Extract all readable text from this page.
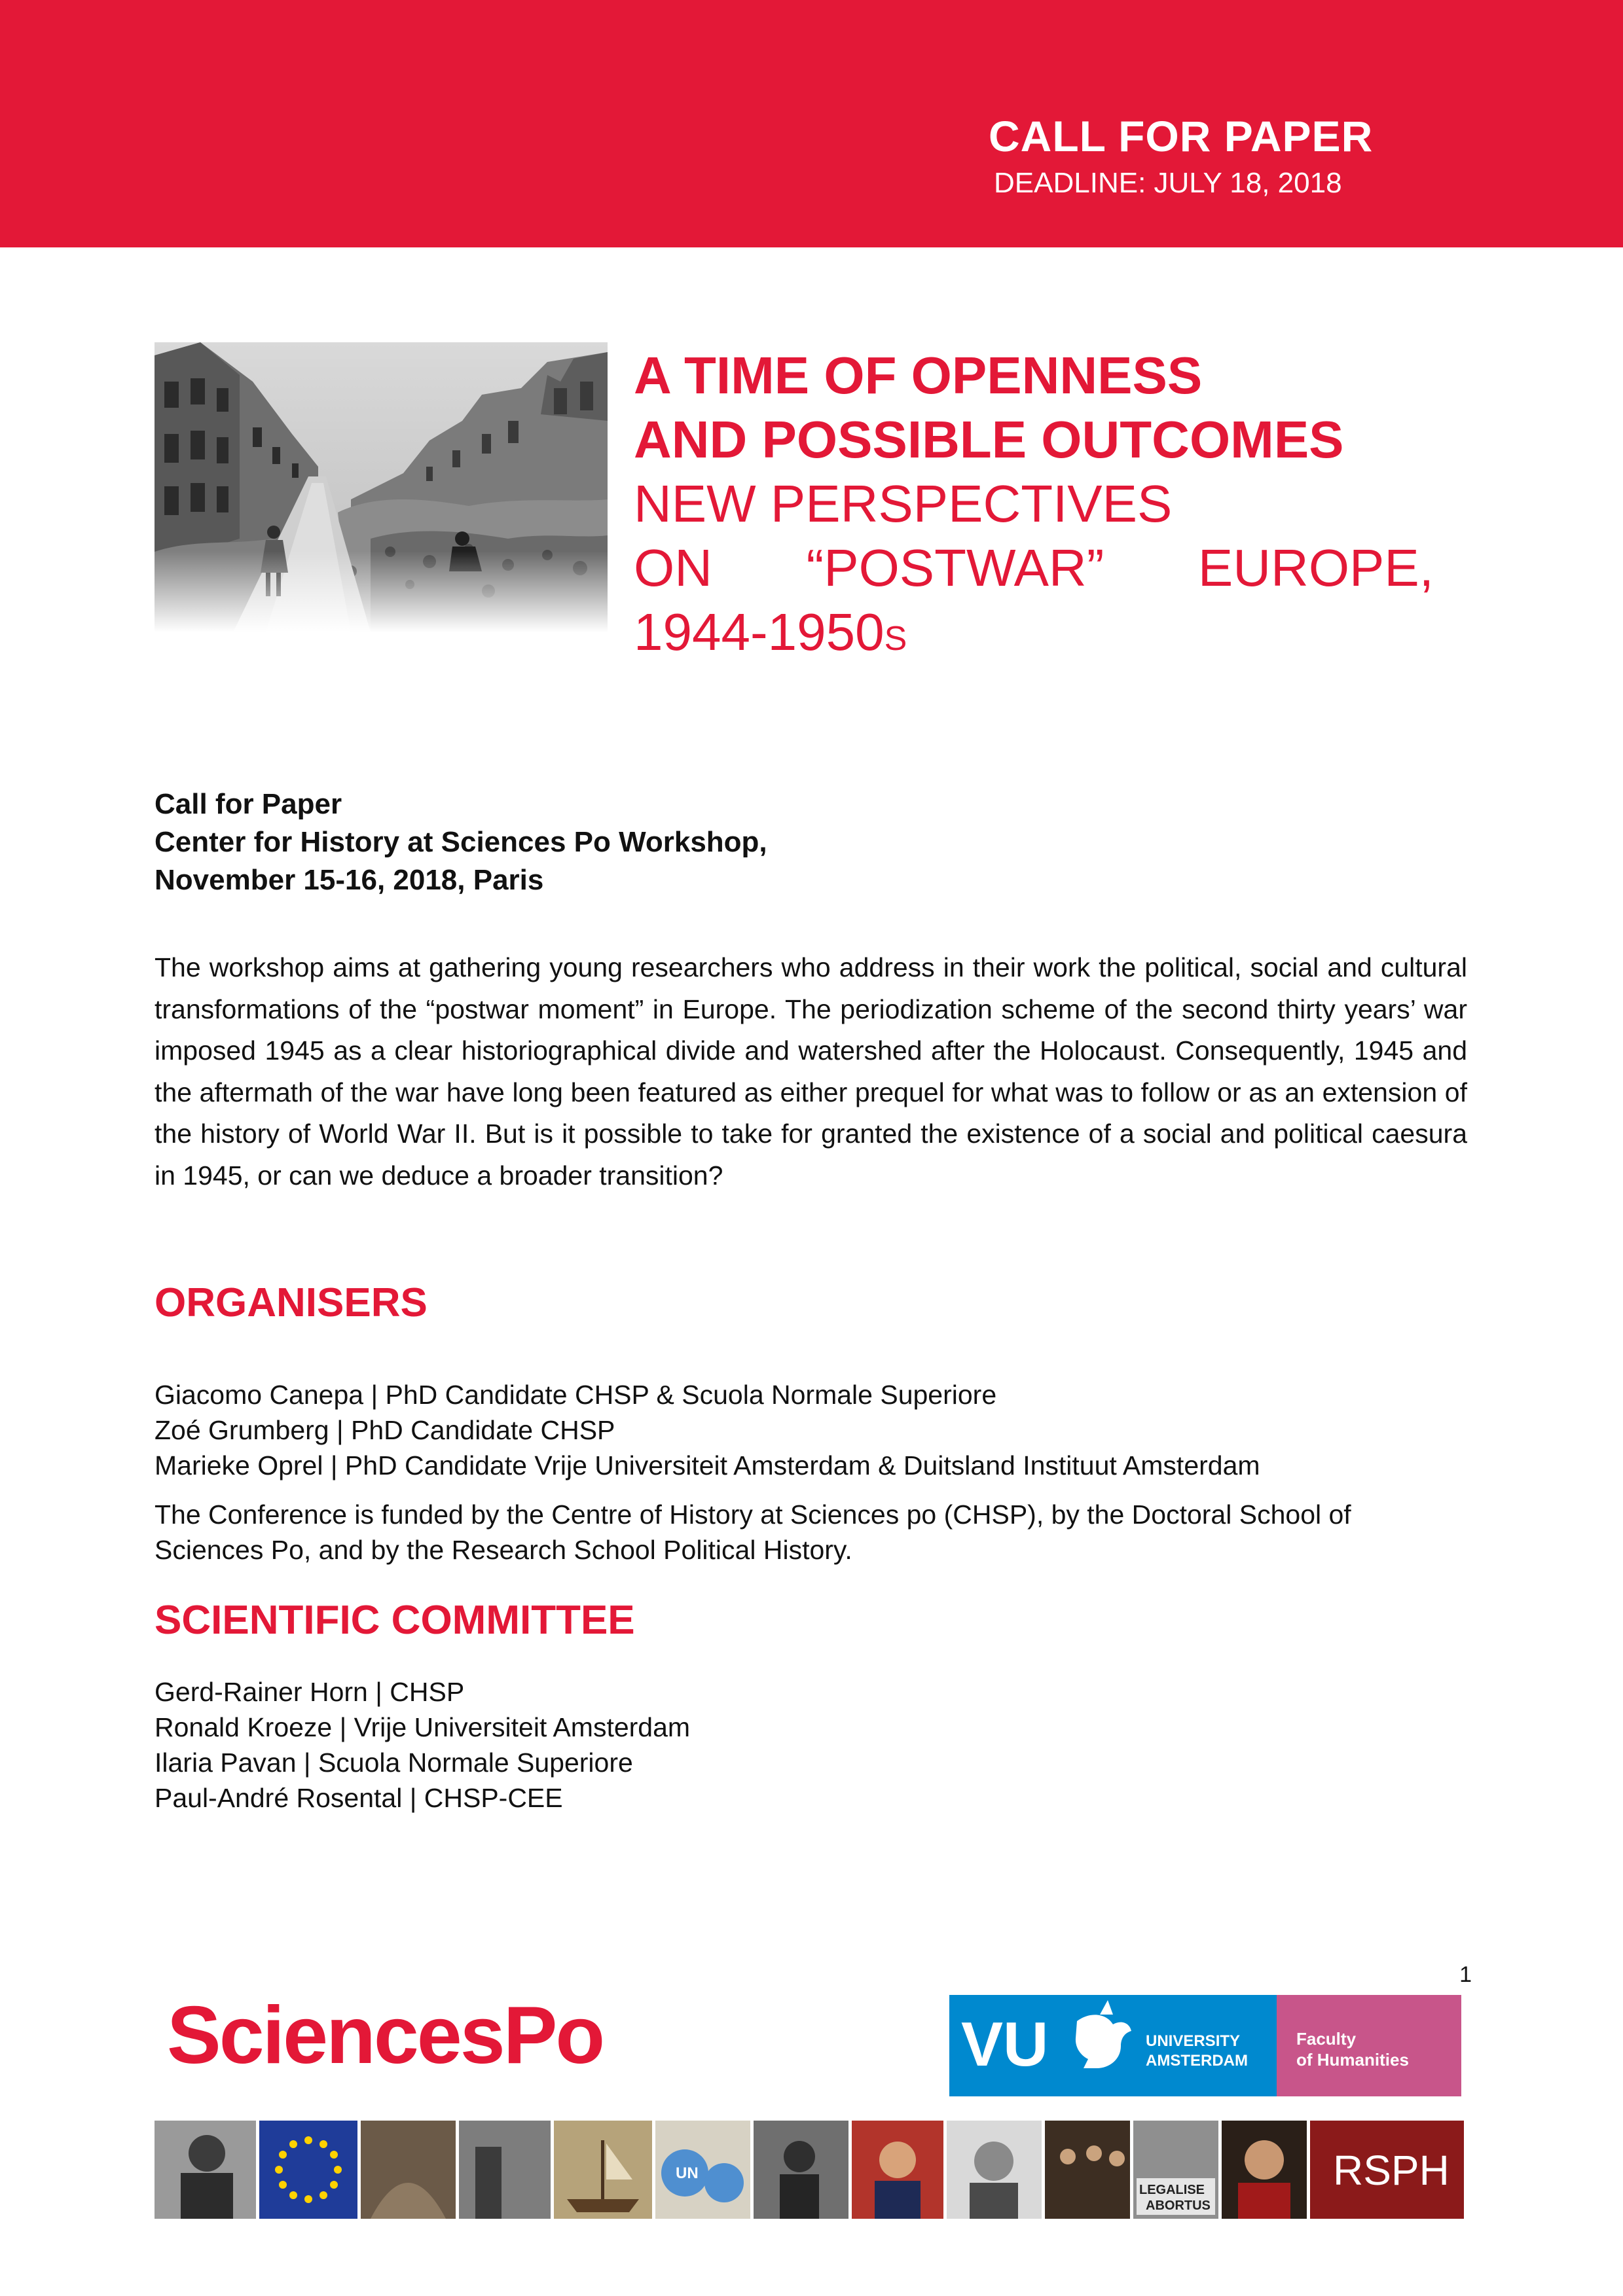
CALL FOR PAPER
DEADLINE: JULY 18, 2018
A TIME OF OPENNESS
AND POSSIBLE OUTCOMES
NEW PERSPECTIVES
ON “POSTWAR” EUROPE,
1944-1950S
Call for Paper
Center for History at Sciences Po Workshop,
November 15-16, 2018, Paris

The workshop aims at gathering young researchers who address in their work the political, social and cultural transformations of the “postwar moment” in Europe. The periodization scheme of the second thirty years’ war imposed 1945 as a clear historiographical divide and watershed after the Holocaust. Consequently, 1945 and the aftermath of the war have long been featured as either prequel for what was to follow or as an extension of the history of World War II. But is it possible to take for granted the existence of a social and political caesura in 1945, or can we deduce a broader transition?

ORGANISERS
Giacomo Canepa | PhD Candidate CHSP & Scuola Normale Superiore
Zoé Grumberg | PhD Candidate CHSP
Marieke Oprel | PhD Candidate Vrije Universiteit Amsterdam & Duitsland Instituut Amsterdam

The Conference is funded by the Centre of History at Sciences po (CHSP), by the Doctoral School of Sciences Po, and by the Research School Political History.

SCIENTIFIC COMMITTEE
Gerd-Rainer Horn | CHSP
Ronald Kroeze | Vrije Universiteit Amsterdam
Ilaria Pavan | Scuola Normale Superiore
Paul-André Rosental | CHSP-CEE
1
SciencesPo	VU	UNIVERSITY
AMSTERDAM
Faculty
of Humanities
UN
LEGALISE
ABORTUS
RSPH
